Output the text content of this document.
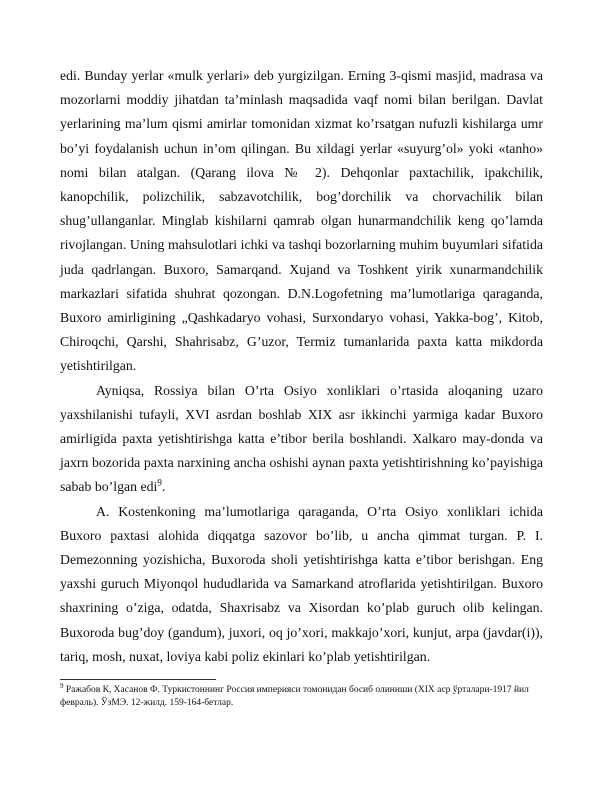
edi. Bunday yerlar «mulk yerlari» deb yurgizilgan. Erning 3-qismi masjid, madrasa va mozorlarni moddiy jihatdan ta’minlash maqsadida vaqf nomi bilan berilgan. Davlat yerlarining ma’lum qismi amirlar tomonidan xizmat ko’rsatgan nufuzli kishilarga umr bo’yi foydalanish uchun in’om qilingan. Bu xildagi yerlar «suyurg’ol» yoki «tanho» nomi bilan atalgan. (Qarang ilova № 2). Dehqonlar paxtachilik, ipakchilik, kanopchilik, polizchilik, sabzavotchilik, bog’dorchilik va chorvachilik bilan shug’ullanganlar. Minglab kishilarni qamrab olgan hunarmandchilik keng qo’lamda rivojlangan. Uning mahsulotlari ichki va tashqi bozorlarning muhim buyumlari sifatida juda qadrlangan. Buxoro, Samarqand. Xujand va Toshkent yirik xunarmandchilik markazlari sifatida shuhrat qozongan. D.N.Logofetning ma’lumotlariga qaraganda, Buxoro amirligining „Qashkadaryo vohasi, Surxondaryo vohasi, Yakka-bog’, Kitob, Chiroqchi, Qarshi, Shahrisabz, G’uzor, Termiz tumanlarida paxta katta mikdorda yetishtirilgan.

Ayniqsa, Rossiya bilan O’rta Osiyo xonliklari o’rtasida aloqaning uzaro yaxshilanishi tufayli, XVI asrdan boshlab XIX asr ikkinchi yarmiga kadar Buxoro amirligida paxta yetishtirishga katta e’tibor berila boshlandi. Xalkaro may-donda va jaxrn bozorida paxta narxining ancha oshishi aynan paxta yetishtirishning ko’payishiga sabab bo’lgan edi$^9$.

A. Kostenkoning ma’lumotlariga qaraganda, O’rta Osiyo xonliklari ichida Buxoro paxtasi alohida diqqatga sazovor bo’lib, u ancha qimmat turgan. P. I. Demezonning yozishicha, Buxoroda sholi yetishtirishga katta e’tibor berishgan. Eng yaxshi guruch Miyonqol hududlarida va Samarkand atroflarida yetishtirilgan. Buxoro shaxrining o’ziga, odatda, Shaxrisabz va Xisordan ko’plab guruch olib kelingan. Buxoroda bug’doy (gandum), juxori, oq jo’xori, makkajo’xori, kunjut, arpa (javdar(i)), tariq, mosh, nuxat, loviya kabi poliz ekinlari ko’plab yetishtirilgan.

$^9$ Ражабов К, Хасанов Ф. Туркистоннинг Россия империяси томонидан босиб олиниши (XIX аср ўрталари-1917 йил февраль). ЎзМЭ. 12-жилд. 159-164-бетлар.
